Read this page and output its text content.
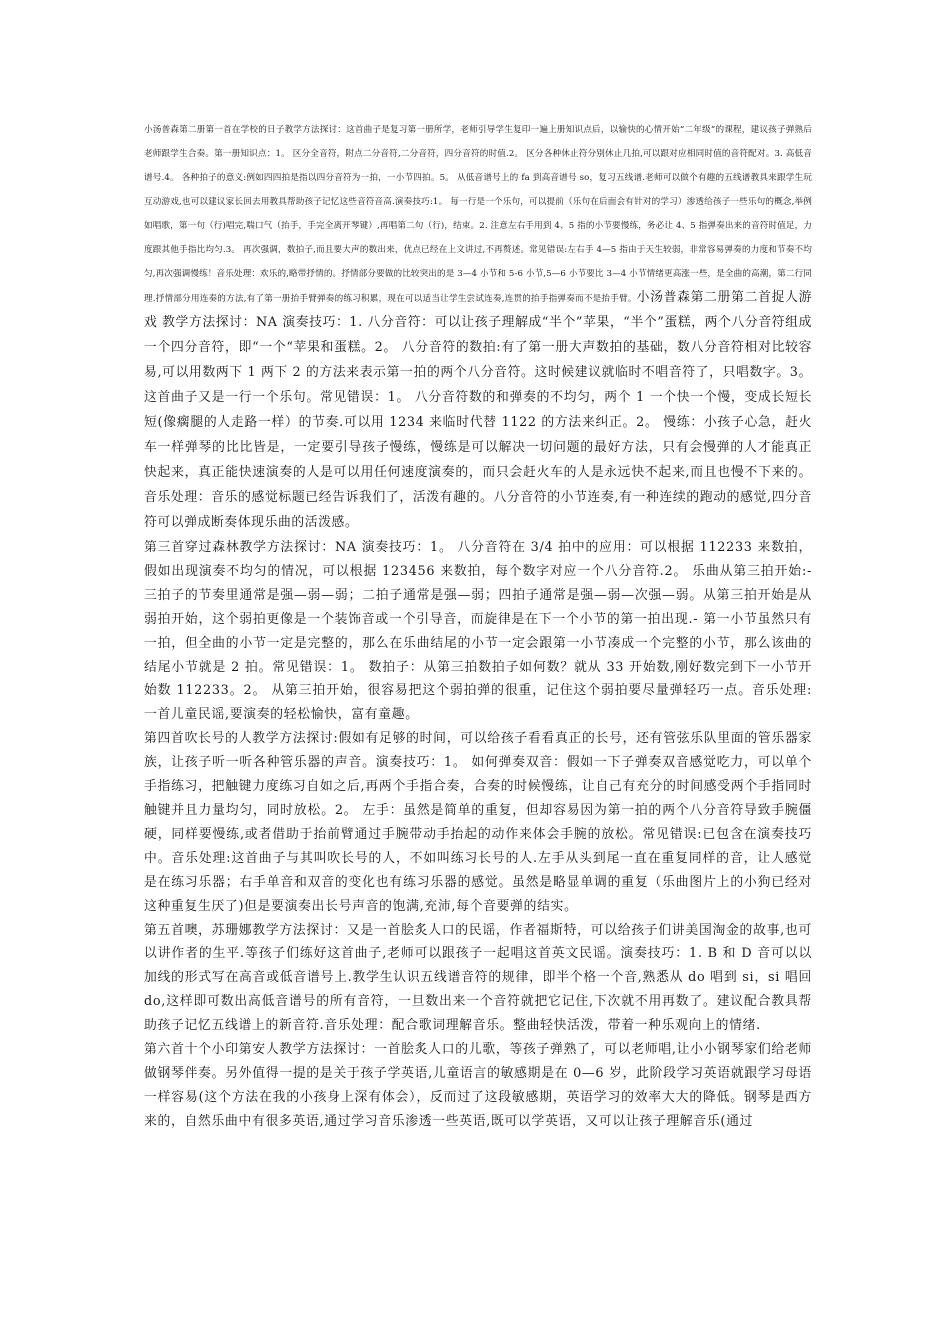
小汤普森第二册第一首在学校的日子教学方法探讨：这首曲子是复习第一册所学，老师引导学生复印一遍上册知识点后，以愉快的心情开始“二年级”的课程，建议孩子弹熟后老师跟学生合奏。第一册知识点：1。 区分全音符，附点二分音符,二分音符，四分音符的时值.2。 区分各种休止符分别休止几拍,可以跟对应相同时值的音符配对。3. 高低音谱号.4。 各种拍子的意义:例如四四拍是指以四分音符为一拍，一小节四拍。5。 从低音谱号上的 fa 到高音谱号 so，复习五线谱.老师可以做个有趣的五线谱教具来跟学生玩互动游戏,也可以建议家长回去用教具帮助孩子记忆这些音符音高.演奏技巧:1。 每一行是一个乐句，可以提前（乐句在后面会有针对的学习）渗透给孩子一些乐句的概念,举例如唱歌，第一句（行)唱完,喘口气（抬手，手完全离开琴键）,再唱第二句（行)，结束。2. 注意左右手用到 4、5 指的小节要慢练，务必让 4、5 指弹奏出来的音符时值足，力度跟其他手指比均匀.3。 再次强调，数拍子,而且要大声的数出来，优点已经在上文讲过,不再赘述。常见错误:左右手 4—5 指由于天生较弱，非常容易弹奏的力度和节奏不均匀,再次强调慢练！音乐处理：欢乐的,略带抒情的。抒情部分要做的比较突出的是 3—4 小节和 5-6 小节,5—6 小节要比 3—4 小节情绪更高涨一些，是全曲的高潮，第二行同理.抒情部分用连奏的方法,有了第一册抬手臂弹奏的练习积累，现在可以适当让学生尝试连奏,连贯的抬手指弹奏而不是抬手臂。小汤普森第二册第二首捉人游戏 教学方法探讨：NA 演奏技巧：1. 八分音符：可以让孩子理解成“半个”苹果，“半个”蛋糕，两个八分音符组成一个四分音符，即“一个“苹果和蛋糕。2。 八分音符的数拍:有了第一册大声数拍的基础，数八分音符相对比较容易,可以用数两下 1 两下 2 的方法来表示第一拍的两个八分音符。这时候建议就临时不唱音符了，只唱数字。3。 这首曲子又是一行一个乐句。常见错误：1。 八分音符数的和弹奏的不均匀，两个 1 一个快一个慢，变成长短长短(像瘸腿的人走路一样）的节奏.可以用 1234 来临时代替 1122 的方法来纠正。2。 慢练：小孩子心急，赶火车一样弹琴的比比皆是，一定要引导孩子慢练，慢练是可以解决一切问题的最好方法，只有会慢弹的人才能真正快起来，真正能快速演奏的人是可以用任何速度演奏的，而只会赶火车的人是永远快不起来,而且也慢不下来的。音乐处理：音乐的感觉标题已经告诉我们了，活泼有趣的。八分音符的小节连奏,有一种连续的跑动的感觉,四分音符可以弹成断奏体现乐曲的活泼感。

第三首穿过森林教学方法探讨：NA 演奏技巧：1。 八分音符在 3/4 拍中的应用：可以根据 112233 来数拍，假如出现演奏不均匀的情况，可以根据 123456 来数拍，每个数字对应一个八分音符.2。 乐曲从第三拍开始:- 三拍子的节奏里通常是强—弱—弱；二拍子通常是强—弱；四拍子通常是强—弱—次强—弱。从第三拍开始是从弱拍开始，这个弱拍更像是一个装饰音或一个引导音，而旋律是在下一个小节的第一拍出现.- 第一小节虽然只有一拍，但全曲的小节一定是完整的，那么在乐曲结尾的小节一定会跟第一小节凑成一个完整的小节，那么该曲的结尾小节就是 2 拍。常见错误：1。 数拍子：从第三拍数拍子如何数？就从 33 开始数,刚好数完到下一小节开始数 112233。2。 从第三拍开始，很容易把这个弱拍弹的很重，记住这个弱拍要尽量弹轻巧一点。音乐处理:一首儿童民谣,要演奏的轻松愉快，富有童趣。

第四首吹长号的人教学方法探讨:假如有足够的时间，可以给孩子看看真正的长号，还有管弦乐队里面的管乐器家族，让孩子听一听各种管乐器的声音。演奏技巧：1。 如何弹奏双音：假如一下子弹奏双音感觉吃力，可以单个手指练习，把触键力度练习自如之后,再两个手指合奏，合奏的时候慢练，让自己有充分的时间感受两个手指同时触键并且力量均匀，同时放松。2。 左手：虽然是简单的重复，但却容易因为第一拍的两个八分音符导致手腕僵硬，同样要慢练,或者借助于抬前臂通过手腕带动手抬起的动作来体会手腕的放松。常见错误:已包含在演奏技巧中。音乐处理:这首曲子与其叫吹长号的人，不如叫练习长号的人.左手从头到尾一直在重复同样的音，让人感觉是在练习乐器；右手单音和双音的变化也有练习乐器的感觉。虽然是略显单调的重复（乐曲图片上的小狗已经对这种重复生厌了)但是要演奏出长号声音的饱满,充沛,每个音要弹的结实。

第五首噢，苏珊娜教学方法探讨：又是一首脍炙人口的民谣，作者福斯特，可以给孩子们讲美国淘金的故事,也可以讲作者的生平.等孩子们练好这首曲子,老师可以跟孩子一起唱这首英文民谣。演奏技巧：1. B 和 D 音可以以加线的形式写在高音或低音谱号上.教学生认识五线谱音符的规律，即半个格一个音,熟悉从 do 唱到 si，si 唱回 do,这样即可数出高低音谱号的所有音符，一旦数出来一个音符就把它记住,下次就不用再数了。建议配合教具帮助孩子记忆五线谱上的新音符.音乐处理：配合歌词理解音乐。整曲轻快活泼，带着一种乐观向上的情绪.

第六首十个小印第安人教学方法探讨：一首脍炙人口的儿歌，等孩子弹熟了，可以老师唱,让小小钢琴家们给老师做钢琴伴奏。另外值得一提的是关于孩子学英语,儿童语言的敏感期是在 0—6 岁，此阶段学习英语就跟学习母语一样容易(这个方法在我的小孩身上深有体会），反而过了这段敏感期，英语学习的效率大大的降低。钢琴是西方来的，自然乐曲中有很多英语,通过学习音乐渗透一些英语,既可以学英语，又可以让孩子理解音乐(通过
